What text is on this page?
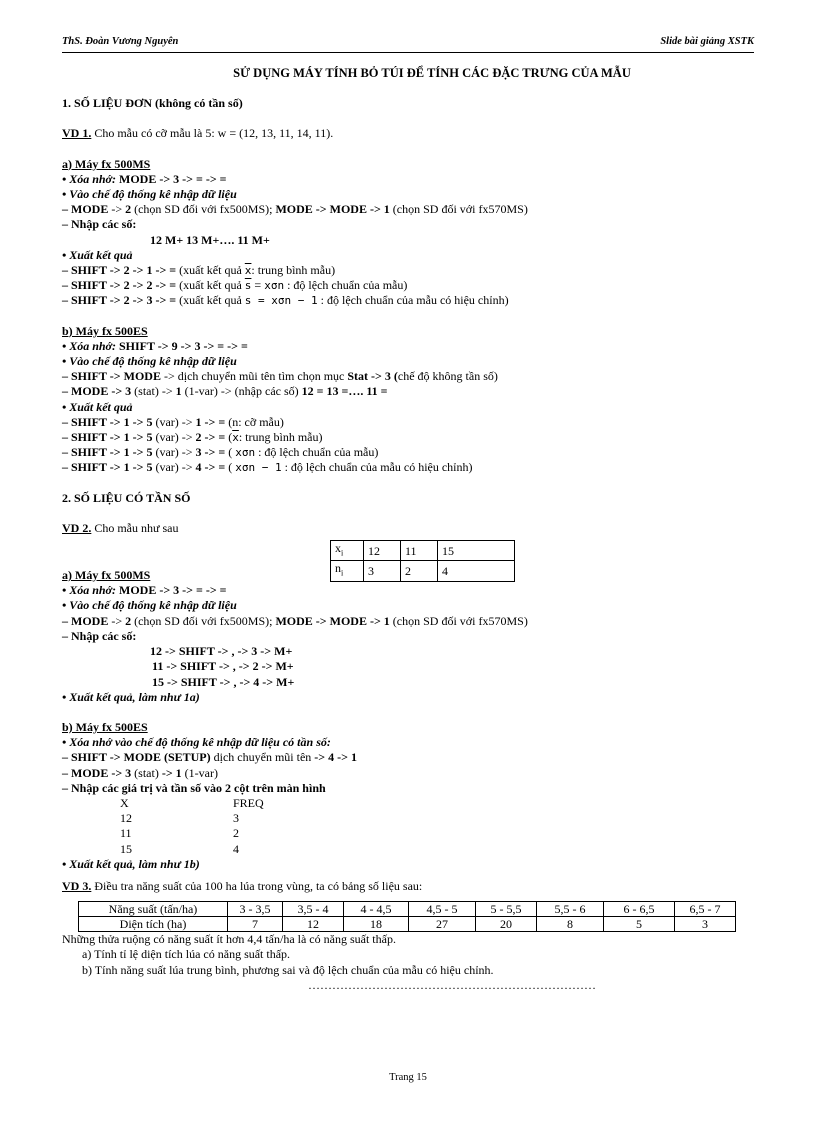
ThS. Đoàn Vương Nguyên	Slide bài giảng XSTK
SỬ DỤNG MÁY TÍNH BỎ TÚI ĐỂ TÍNH CÁC ĐẶC TRƯNG CỦA MẪU
1. SỐ LIỆU ĐƠN (không có tần số)
VD 1. Cho mẫu có cỡ mẫu là 5: w = (12, 13, 11, 14, 11).
a) Máy fx 500MS
• Xóa nhớ: MODE -> 3 -> = -> =
• Vào chế độ thống kê nhập dữ liệu
– MODE -> 2 (chọn SD đối với fx500MS); MODE -> MODE -> 1 (chọn SD đối với fx570MS)
– Nhập các số:
12 M+ 13 M+…. 11 M+
• Xuất kết quả
– SHIFT -> 2 -> 1 -> = (xuất kết quả $\overline{x}$: trung bình mẫu)
– SHIFT -> 2 -> 2 -> = (xuất kết quả $\overline{s} = x\sigma n$ : độ lệch chuẩn của mẫu)
– SHIFT -> 2 -> 3 -> = (xuất kết quả s = xσn − 1 : độ lệch chuẩn của mẫu có hiệu chỉnh)
b) Máy fx 500ES
• Xóa nhớ: SHIFT -> 9 -> 3 -> = -> =
• Vào chế độ thống kê nhập dữ liệu
– SHIFT -> MODE -> dịch chuyển mũi tên tìm chọn mục Stat -> 3 (chế độ không tần số)
– MODE -> 3 (stat) -> 1 (1-var) -> (nhập các số) 12 = 13 =…. 11 =
• Xuất kết quả
– SHIFT -> 1 -> 5 (var) -> 1 -> = (n: cỡ mẫu)
– SHIFT -> 1 -> 5 (var) -> 2 -> = ($\overline{x}$: trung bình mẫu)
– SHIFT -> 1 -> 5 (var) -> 3 -> = ( xσn : độ lệch chuẩn của mẫu)
– SHIFT -> 1 -> 5 (var) -> 4 -> = ( xσn − 1 : độ lệch chuẩn của mẫu có hiệu chỉnh)
2. SỐ LIỆU CÓ TẦN SỐ
VD 2. Cho mẫu như sau
$x_i$	12	11	15
$n_i$	3	2	4
a) Máy fx 500MS
• Xóa nhớ: MODE -> 3 -> = -> =
• Vào chế độ thống kê nhập dữ liệu
– MODE -> 2 (chọn SD đối với fx500MS); MODE -> MODE -> 1 (chọn SD đối với fx570MS)
– Nhập các số:
12 -> SHIFT -> , -> 3 -> M+
11 -> SHIFT -> , -> 2 -> M+
15 -> SHIFT -> , -> 4 -> M+
• Xuất kết quả, làm như 1a)
b) Máy fx 500ES
• Xóa nhớ vào chế độ thống kê nhập dữ liệu có tần số:
– SHIFT -> MODE (SETUP) dịch chuyển mũi tên -> 4 -> 1
– MODE -> 3 (stat) -> 1 (1-var)
– Nhập các giá trị và tần số vào 2 cột trên màn hình
X	FREQ
12	3
11	2
15	4
• Xuất kết quả, làm như 1b)
VD 3. Điều tra năng suất của 100 ha lúa trong vùng, ta có bảng số liệu sau:
Năng suất (tấn/ha)	3 - 3,5	3,5 - 4	4 - 4,5	4,5 - 5	5 - 5,5	5,5 - 6	6 - 6,5	6,5 - 7
Diện tích (ha)	7	12	18	27	20	8	5	3
Những thửa ruộng có năng suất ít hơn 4,4 tấn/ha là có năng suất thấp.
a) Tính tỉ lệ diện tích lúa có năng suất thấp.
b) Tính năng suất lúa trung bình, phương sai và độ lệch chuẩn của mẫu có hiệu chỉnh.
………………………………………………………………
Trang 15
